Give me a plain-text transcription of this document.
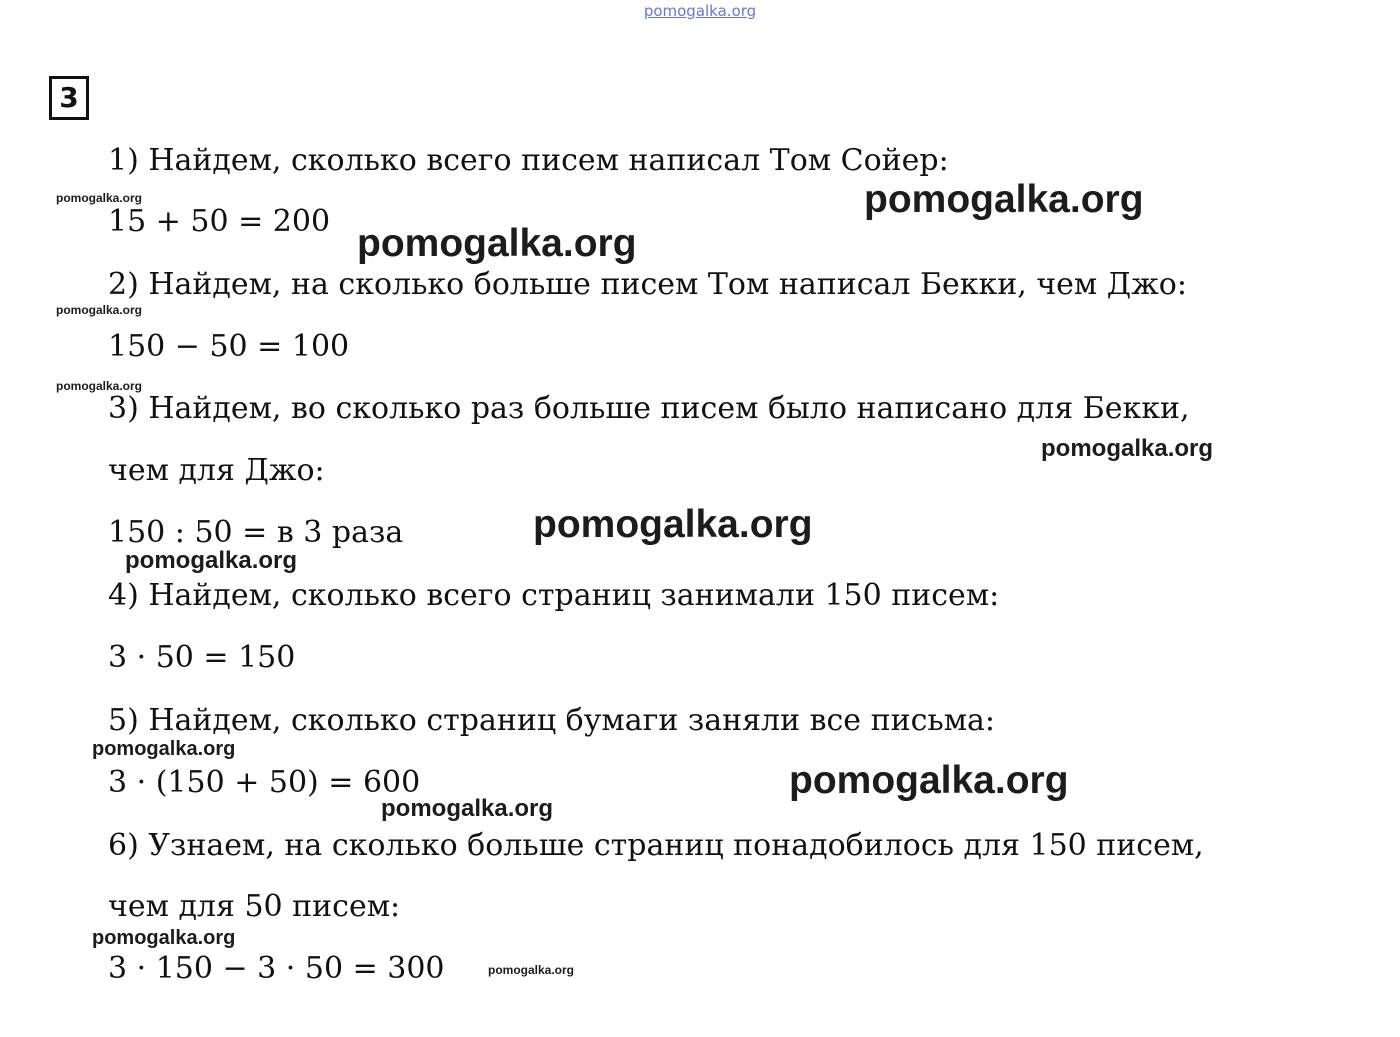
pomogalka.org
3
1) Найдем, сколько всего писем написал Том Сойер:
15 + 50 = 200
2) Найдем, на сколько больше писем Том написал Бекки, чем Джо:
150 − 50 = 100
3) Найдем, во сколько раз больше писем было написано для Бекки,
чем для Джо:
150 : 50 = в 3 раза
4) Найдем, сколько всего страниц занимали 150 писем:
3 · 50 = 150
5) Найдем, сколько страниц бумаги заняли все письма:
3 · (150 + 50) = 600
6) Узнаем, на сколько больше страниц понадобилось для 150 писем,
чем для 50 писем:
3 · 150 − 3 · 50 = 300
pomogalka.org	pomogalka.org
pomogalka.org
pomogalka.org
pomogalka.org
pomogalka.org
pomogalka.org
pomogalka.org
pomogalka.org
pomogalka.org
pomogalka.org
pomogalka.org
pomogalka.org
